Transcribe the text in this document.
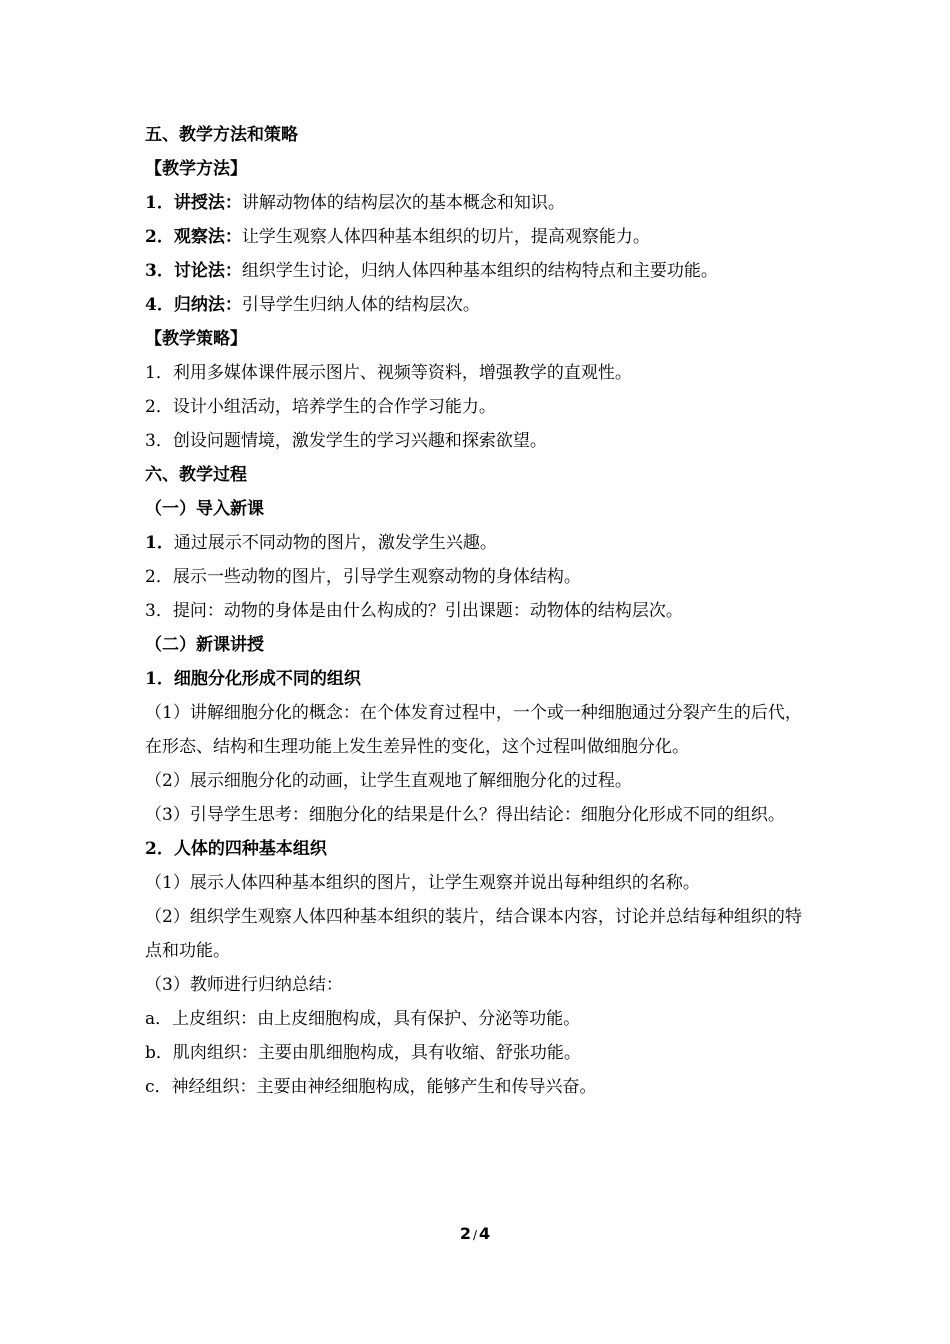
五、教学方法和策略

【教学方法】

1．讲授法：讲解动物体的结构层次的基本概念和知识。

2．观察法：让学生观察人体四种基本组织的切片，提高观察能力。

3．讨论法：组织学生讨论，归纳人体四种基本组织的结构特点和主要功能。

4．归纳法：引导学生归纳人体的结构层次。

【教学策略】

1．利用多媒体课件展示图片、视频等资料，增强教学的直观性。

2．设计小组活动，培养学生的合作学习能力。

3．创设问题情境，激发学生的学习兴趣和探索欲望。

六、教学过程

（一）导入新课

1．通过展示不同动物的图片，激发学生兴趣。

2．展示一些动物的图片，引导学生观察动物的身体结构。

3．提问：动物的身体是由什么构成的？引出课题：动物体的结构层次。

（二）新课讲授

1．细胞分化形成不同的组织

（1）讲解细胞分化的概念：在个体发育过程中，一个或一种细胞通过分裂产生的后代，在形态、结构和生理功能上发生差异性的变化，这个过程叫做细胞分化。

（2）展示细胞分化的动画，让学生直观地了解细胞分化的过程。

（3）引导学生思考：细胞分化的结果是什么？得出结论：细胞分化形成不同的组织。

2．人体的四种基本组织

（1）展示人体四种基本组织的图片，让学生观察并说出每种组织的名称。

（2）组织学生观察人体四种基本组织的装片，结合课本内容，讨论并总结每种组织的特点和功能。

（3）教师进行归纳总结：

a．上皮组织：由上皮细胞构成，具有保护、分泌等功能。

b．肌肉组织：主要由肌细胞构成，具有收缩、舒张功能。

c．神经组织：主要由神经细胞构成，能够产生和传导兴奋。

2 / 4
